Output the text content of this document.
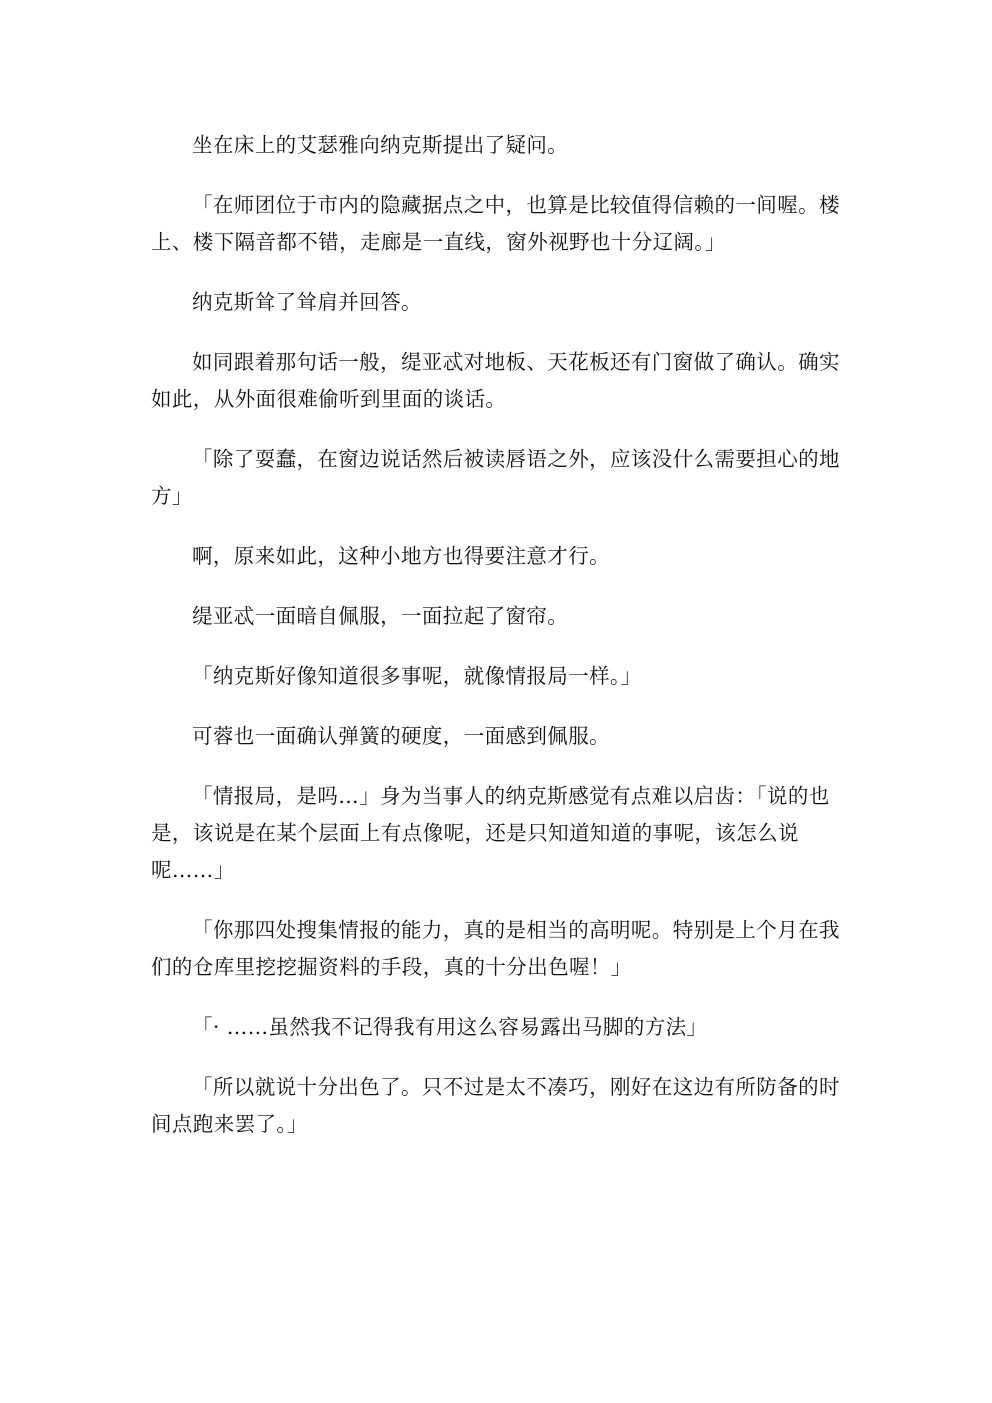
坐在床上的艾瑟雅向纳克斯提出了疑问。

「在师团位于市内的隐藏据点之中，也算是比较值得信赖的一间喔。楼上、楼下隔音都不错，走廊是一直线，窗外视野也十分辽阔。」

纳克斯耸了耸肩并回答。

如同跟着那句话一般，缇亚忒对地板、天花板还有门窗做了确认。确实如此，从外面很难偷听到里面的谈话。

「除了耍蠢，在窗边说话然后被读唇语之外，应该没什么需要担心的地方」

啊，原来如此，这种小地方也得要注意才行。

缇亚忒一面暗自佩服，一面拉起了窗帘。

「纳克斯好像知道很多事呢，就像情报局一样。」

可蓉也一面确认弹簧的硬度，一面感到佩服。

「情报局，是吗…」身为当事人的纳克斯感觉有点难以启齿：「说的也是，该说是在某个层面上有点像呢，还是只知道知道的事呢，该怎么说呢……」

「你那四处搜集情报的能力，真的是相当的高明呢。特别是上个月在我们的仓库里挖挖掘资料的手段，真的十分出色喔！」

「· ……虽然我不记得我有用这么容易露出马脚的方法」

「所以就说十分出色了。只不过是太不凑巧，刚好在这边有所防备的时间点跑来罢了。」
